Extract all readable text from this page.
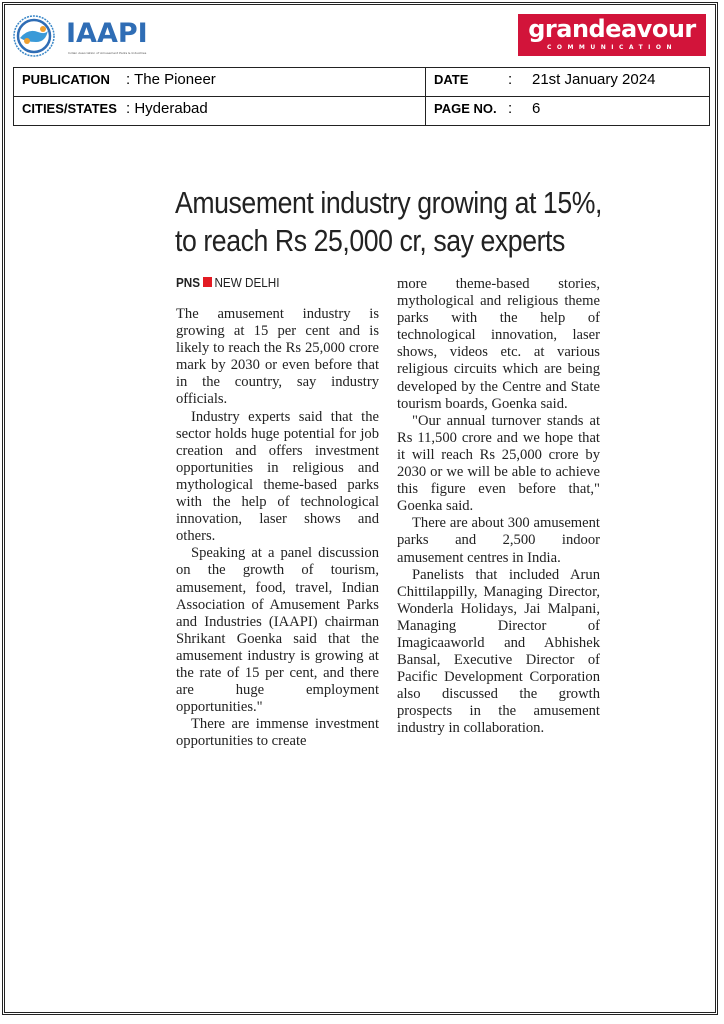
IAAPI
Indian Association of Amusement Parks & Industries
grandeavour
COMMUNICATION
PUBLICATION : The Pioneer	DATE : 21st January 2024
CITIES/STATES : Hyderabad	PAGE NO. : 6
Amusement industry growing at 15%,
to reach Rs 25,000 cr, say experts
PNS NEW DELHI

The amusement industry is growing at 15 per cent and is likely to reach the Rs 25,000 crore mark by 2030 or even before that in the country, say industry officials.

Industry experts said that the sector holds huge potential for job creation and offers investment opportunities in religious and mythological theme-based parks with the help of technological innovation, laser shows and others.

Speaking at a panel discussion on the growth of tourism, amusement, food, travel, Indian Association of Amusement Parks and Industries (IAAPI) chairman Shrikant Goenka said that the amusement industry is growing at the rate of 15 per cent, and there are huge employment opportunities."

There are immense investment opportunities to create

more theme-based stories, mythological and religious theme parks with the help of technological innovation, laser shows, videos etc. at various religious circuits which are being developed by the Centre and State tourism boards, Goenka said.

"Our annual turnover stands at Rs 11,500 crore and we hope that it will reach Rs 25,000 crore by 2030 or we will be able to achieve this figure even before that," Goenka said.

There are about 300 amusement parks and 2,500 indoor amusement centres in India.

Panelists that included Arun Chittilappilly, Managing Director, Wonderla Holidays, Jai Malpani, Managing Director of Imagicaaworld and Abhishek Bansal, Executive Director of Pacific Development Corporation also discussed the growth prospects in the amusement industry in collaboration.
